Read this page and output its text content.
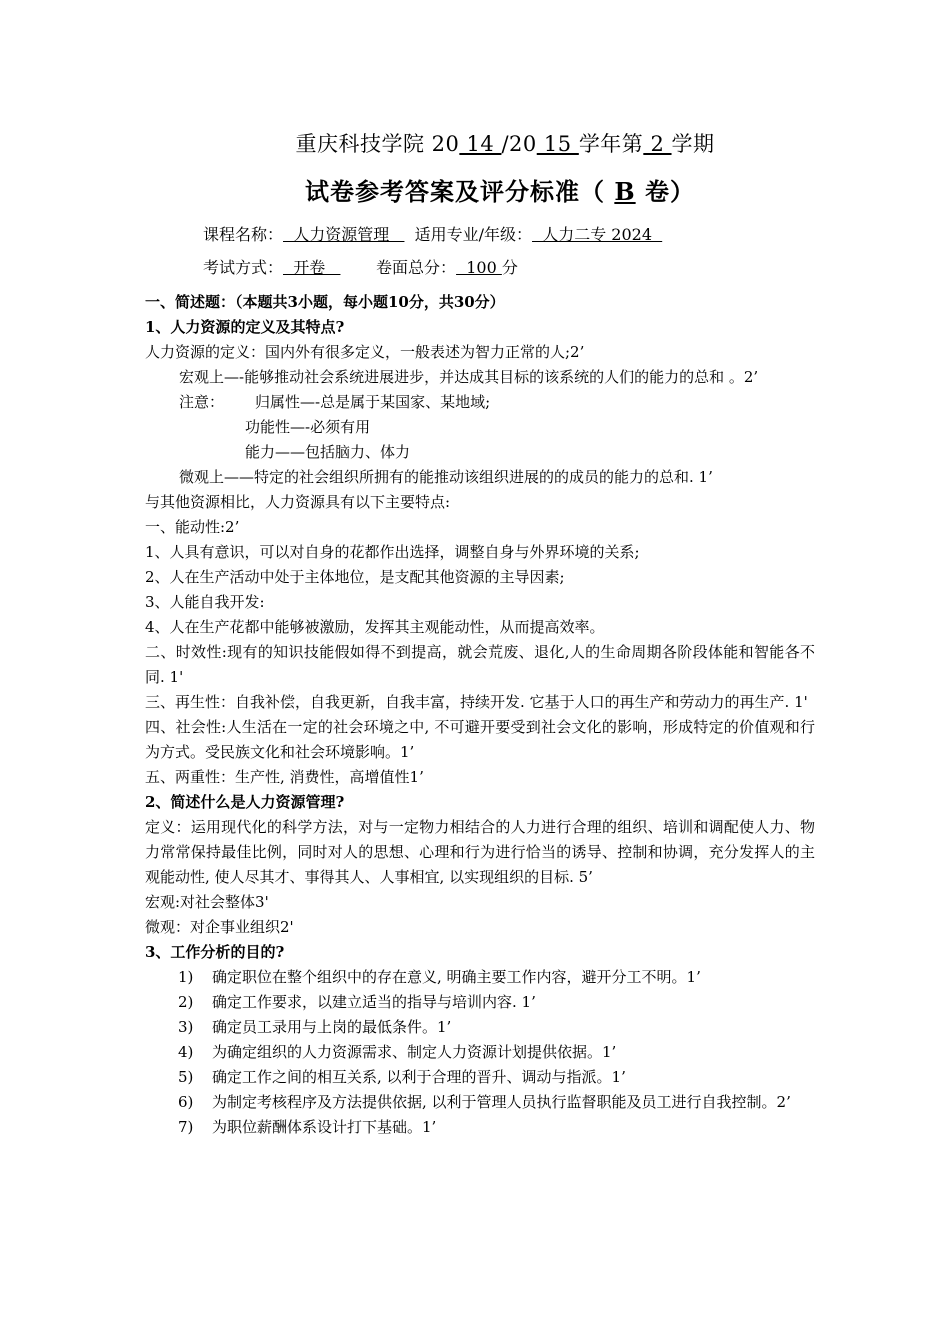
重庆科技学院 20 14 /20 15 学年第 2 学期
试卷参考答案及评分标准（ B 卷）
课程名称：  人力资源管理     适用专业/年级：  人力二专 2024
考试方式：  开卷          卷面总分：  100 分
一、简述题：（本题共3小题，每小题10分，共30分）
1、人力资源的定义及其特点?
人力资源的定义：国内外有很多定义，一般表述为智力正常的人;2’
宏观上—-能够推动社会系统进展进步，并达成其目标的该系统的人们的能力的总和 。2’
注意： 归属性—-总是属于某国家、某地域;
功能性—-必须有用
能力——包括脑力、体力
微观上——特定的社会组织所拥有的能推动该组织进展的的成员的能力的总和. 1’
与其他资源相比，人力资源具有以下主要特点:
一、能动性:2’
1、人具有意识，可以对自身的花都作出选择，调整自身与外界环境的关系;
2、人在生产活动中处于主体地位，是支配其他资源的主导因素;
3、人能自我开发:
4、人在生产花都中能够被激励，发挥其主观能动性，从而提高效率。
二、时效性:现有的知识技能假如得不到提高，就会荒废、退化,人的生命周期各阶段体能和智能各不同. 1'
三、再生性：自我补偿，自我更新，自我丰富，持续开发. 它基于人口的再生产和劳动力的再生产. 1'
四、社会性:人生活在一定的社会环境之中, 不可避开要受到社会文化的影响，形成特定的价值观和行为方式。受民族文化和社会环境影响。1’
五、两重性：生产性, 消费性，高增值性1’
2、简述什么是人力资源管理?
定义：运用现代化的科学方法，对与一定物力相结合的人力进行合理的组织、培训和调配使人力、物力常常保持最佳比例，同时对人的思想、心理和行为进行恰当的诱导、控制和协调，充分发挥人的主观能动性, 使人尽其才、事得其人、人事相宜, 以实现组织的目标. 5’
宏观:对社会整体3'
微观：对企事业组织2'
3、工作分析的目的?
1) 确定职位在整个组织中的存在意义, 明确主要工作内容，避开分工不明。1’
2) 确定工作要求，以建立适当的指导与培训内容. 1’
3) 确定员工录用与上岗的最低条件。1’
4) 为确定组织的人力资源需求、制定人力资源计划提供依据。1’
5) 确定工作之间的相互关系, 以利于合理的晋升、调动与指派。1’
6) 为制定考核程序及方法提供依据, 以利于管理人员执行监督职能及员工进行自我控制。2’
7) 为职位薪酬体系设计打下基础。1’
